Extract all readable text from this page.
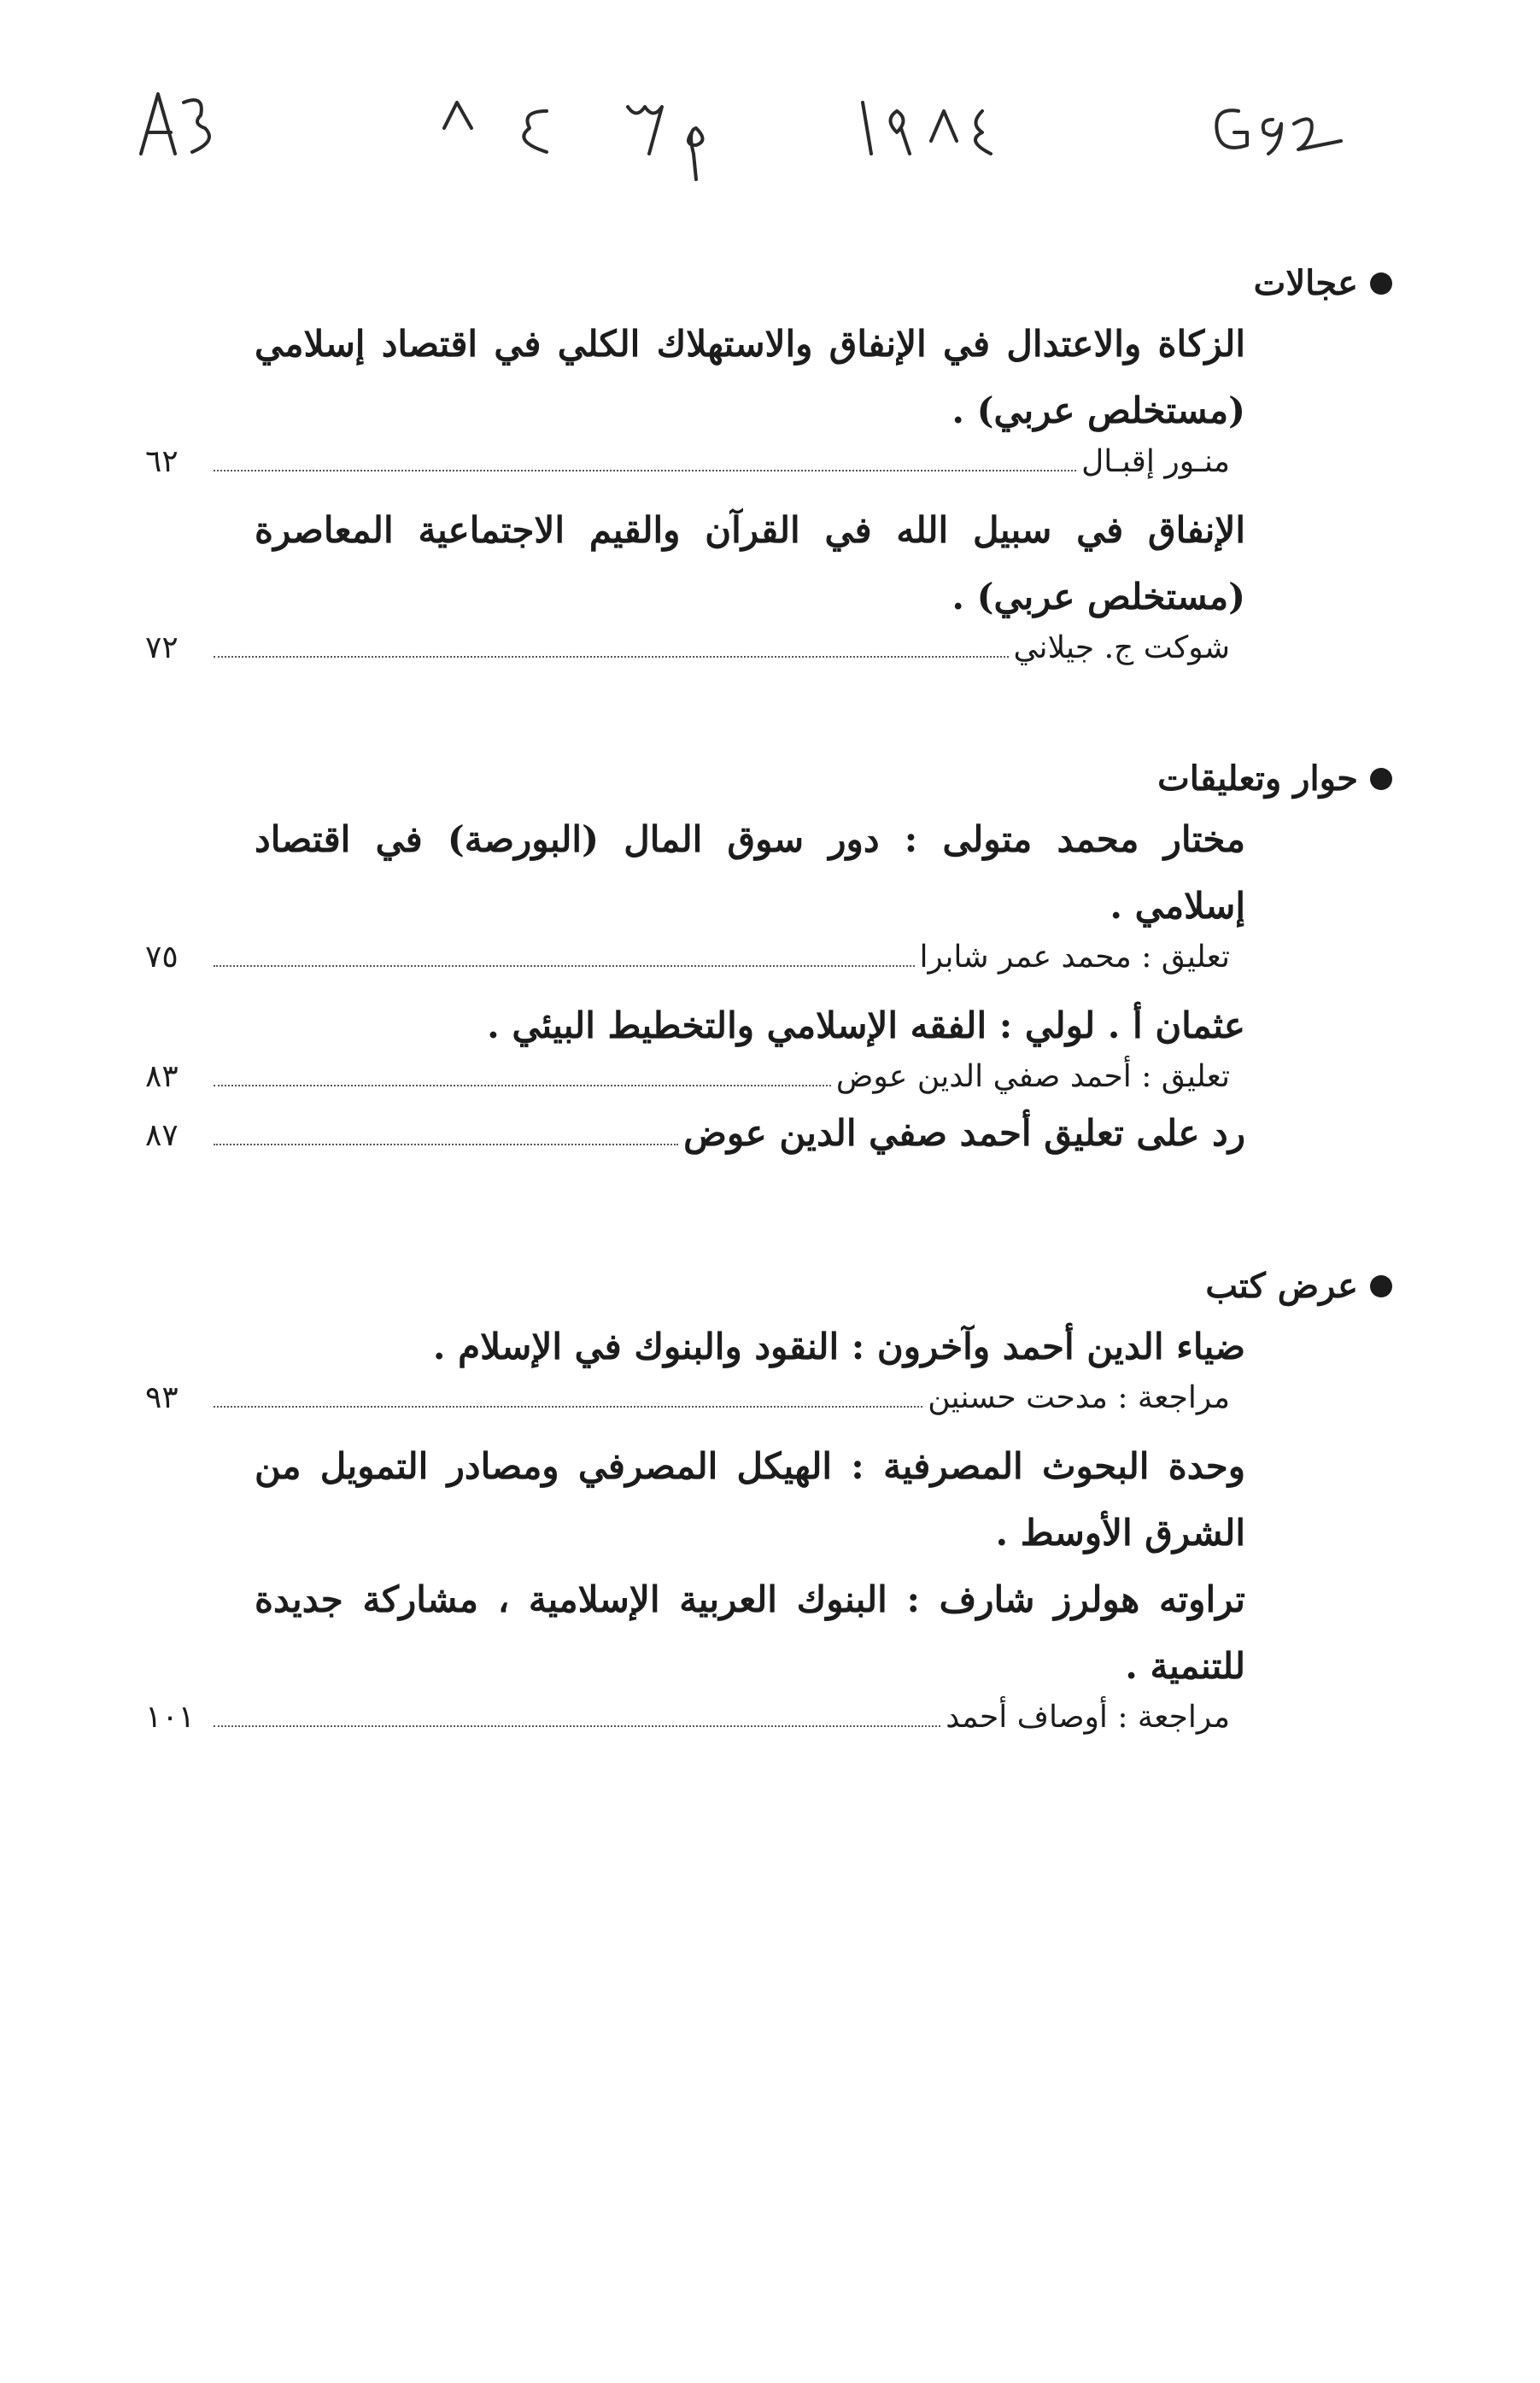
عجالات
الزكاة والاعتدال في الإنفاق والاستهلاك الكلي في اقتصاد إسلامي (مستخلص عربي) .
منـور إقبـال
٦٢
الإنفاق في سبيل الله في القرآن والقيم الاجتماعية المعاصرة (مستخلص عربي) .
شوكت ج. جيلاني
٧٢
حوار وتعليقات
مختار محمد متولى : دور سوق المال (البورصة) في اقتصاد إسلامي .
تعليق : محمد عمر شابرا
٧٥
عثمان أ . لولي : الفقه الإسلامي والتخطيط البيئي .
تعليق : أحمد صفي الدين عوض
٨٣
رد على تعليق أحمد صفي الدين عوض
٨٧
عرض كتب
ضياء الدين أحمد وآخرون : النقود والبنوك في الإسلام .
مراجعة : مدحت حسنين
٩٣
وحدة البحوث المصرفية : الهيكل المصرفي ومصادر التمويل من الشرق الأوسط .
تراوته هولرز شارف : البنوك العربية الإسلامية ، مشاركة جديدة للتنمية .
مراجعة : أوصاف أحمد
١٠١
